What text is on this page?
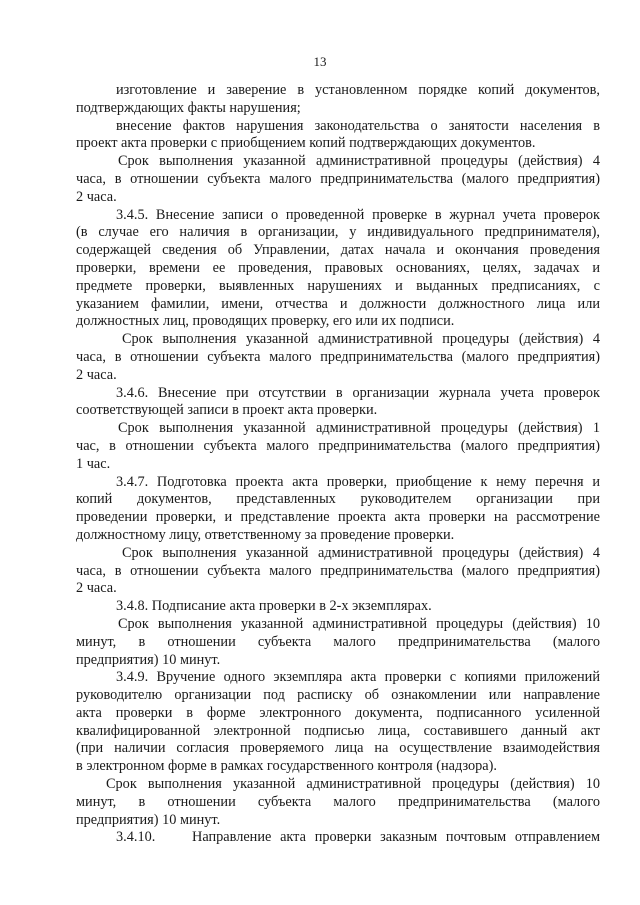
13
изготовление и заверение в установленном порядке копий документов,
подтверждающих факты нарушения;
внесение фактов нарушения законодательства о занятости населения в
проект акта проверки с приобщением копий подтверждающих документов.
Срок выполнения указанной административной процедуры (действия) 4
часа, в отношении субъекта малого предпринимательства (малого предприятия)
2 часа.
3.4.5. Внесение записи о проведенной проверке в журнал учета проверок
(в случае его наличия в организации, у индивидуального предпринимателя),
содержащей сведения об Управлении, датах начала и окончания проведения
проверки, времени ее проведения, правовых основаниях, целях, задачах и
предмете проверки, выявленных нарушениях и выданных предписаниях, с
указанием фамилии, имени, отчества и должности должностного лица или
должностных лиц, проводящих проверку, его или их подписи.
Срок выполнения указанной административной процедуры (действия) 4
часа, в отношении субъекта малого предпринимательства (малого предприятия)
2 часа.
3.4.6. Внесение при отсутствии в организации журнала учета проверок
соответствующей записи в проект акта проверки.
Срок выполнения указанной административной процедуры (действия) 1
час, в отношении субъекта малого предпринимательства (малого предприятия)
1 час.
3.4.7. Подготовка проекта акта проверки, приобщение к нему перечня и
копий документов, представленных руководителем организации при
проведении проверки, и представление проекта акта проверки на рассмотрение
должностному лицу, ответственному за проведение проверки.
Срок выполнения указанной административной процедуры (действия) 4
часа, в отношении субъекта малого предпринимательства (малого предприятия)
2 часа.
3.4.8. Подписание акта проверки в 2-х экземплярах.
Срок выполнения указанной административной процедуры (действия) 10
минут, в отношении субъекта малого предпринимательства (малого
предприятия) 10 минут.
3.4.9. Вручение одного экземпляра акта проверки с копиями приложений
руководителю организации под расписку об ознакомлении или направление
акта проверки в форме электронного документа, подписанного усиленной
квалифицированной электронной подписью лица, составившего данный акт
(при наличии согласия проверяемого лица на осуществление взаимодействия
в электронном форме в рамках государственного контроля (надзора).
Срок выполнения указанной административной процедуры (действия) 10
минут, в отношении субъекта малого предпринимательства (малого
предприятия) 10 минут.
3.4.10.	Направление акта проверки заказным почтовым отправлением
